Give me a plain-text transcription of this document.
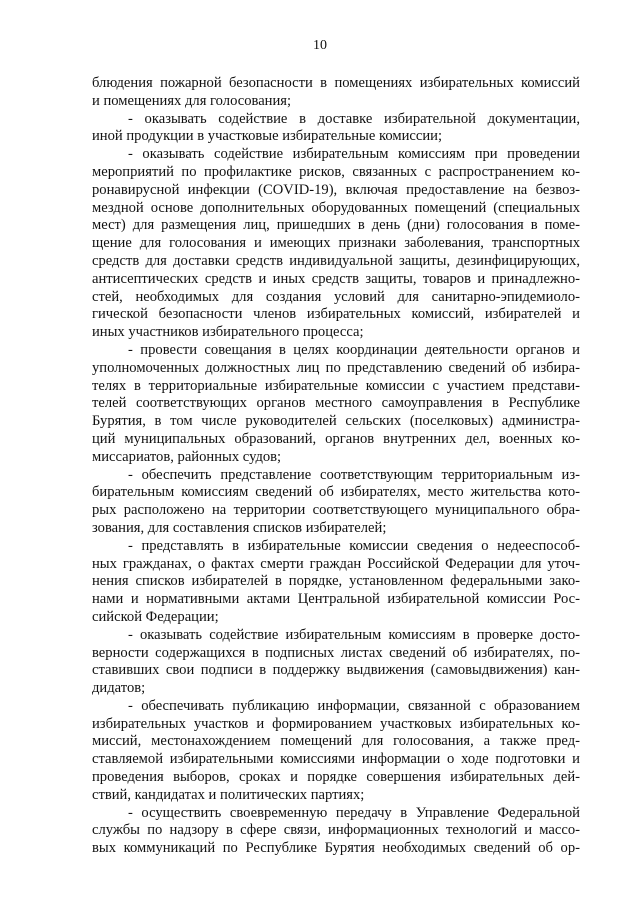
10
блюдения пожарной безопасности в помещениях избирательных комиссий
и помещениях для голосования;
- оказывать содействие в доставке избирательной документации,
иной продукции в участковые избирательные комиссии;
- оказывать содействие избирательным комиссиям при проведении
мероприятий по профилактике рисков, связанных с распространением ко-
ронавирусной инфекции (COVID-19), включая предоставление на безвоз-
мездной основе дополнительных оборудованных помещений (специальных
мест) для размещения лиц, пришедших в день (дни) голосования в поме-
щение для голосования и имеющих признаки заболевания, транспортных
средств для доставки средств индивидуальной защиты, дезинфицирующих,
антисептических средств и иных средств защиты, товаров и принадлежно-
стей, необходимых для создания условий для санитарно-эпидемиоло-
гической безопасности членов избирательных комиссий, избирателей и
иных участников избирательного процесса;
- провести совещания в целях координации деятельности органов и
уполномоченных должностных лиц по представлению сведений об избира-
телях в территориальные избирательные комиссии с участием представи-
телей соответствующих органов местного самоуправления в Республике
Бурятия, в том числе руководителей сельских (поселковых) администра-
ций муниципальных образований, органов внутренних дел, военных ко-
миссариатов, районных судов;
- обеспечить представление соответствующим территориальным из-
бирательным комиссиям сведений об избирателях, место жительства кото-
рых расположено на территории соответствующего муниципального обра-
зования, для составления списков избирателей;
- представлять в избирательные комиссии сведения о недееспособ-
ных гражданах, о фактах смерти граждан Российской Федерации для уточ-
нения списков избирателей в порядке, установленном федеральными зако-
нами и нормативными актами Центральной избирательной комиссии Рос-
сийской Федерации;
- оказывать содействие избирательным комиссиям в проверке досто-
верности содержащихся в подписных листах сведений об избирателях, по-
ставивших свои подписи в поддержку выдвижения (самовыдвижения) кан-
дидатов;
- обеспечивать публикацию информации, связанной с образованием
избирательных участков и формированием участковых избирательных ко-
миссий, местонахождением помещений для голосования, а также пред-
ставляемой избирательными комиссиями информации о ходе подготовки и
проведения выборов, сроках и порядке совершения избирательных дей-
ствий, кандидатах и политических партиях;
- осуществить своевременную передачу в Управление Федеральной
службы по надзору в сфере связи, информационных технологий и массо-
вых коммуникаций по Республике Бурятия необходимых сведений об ор-
